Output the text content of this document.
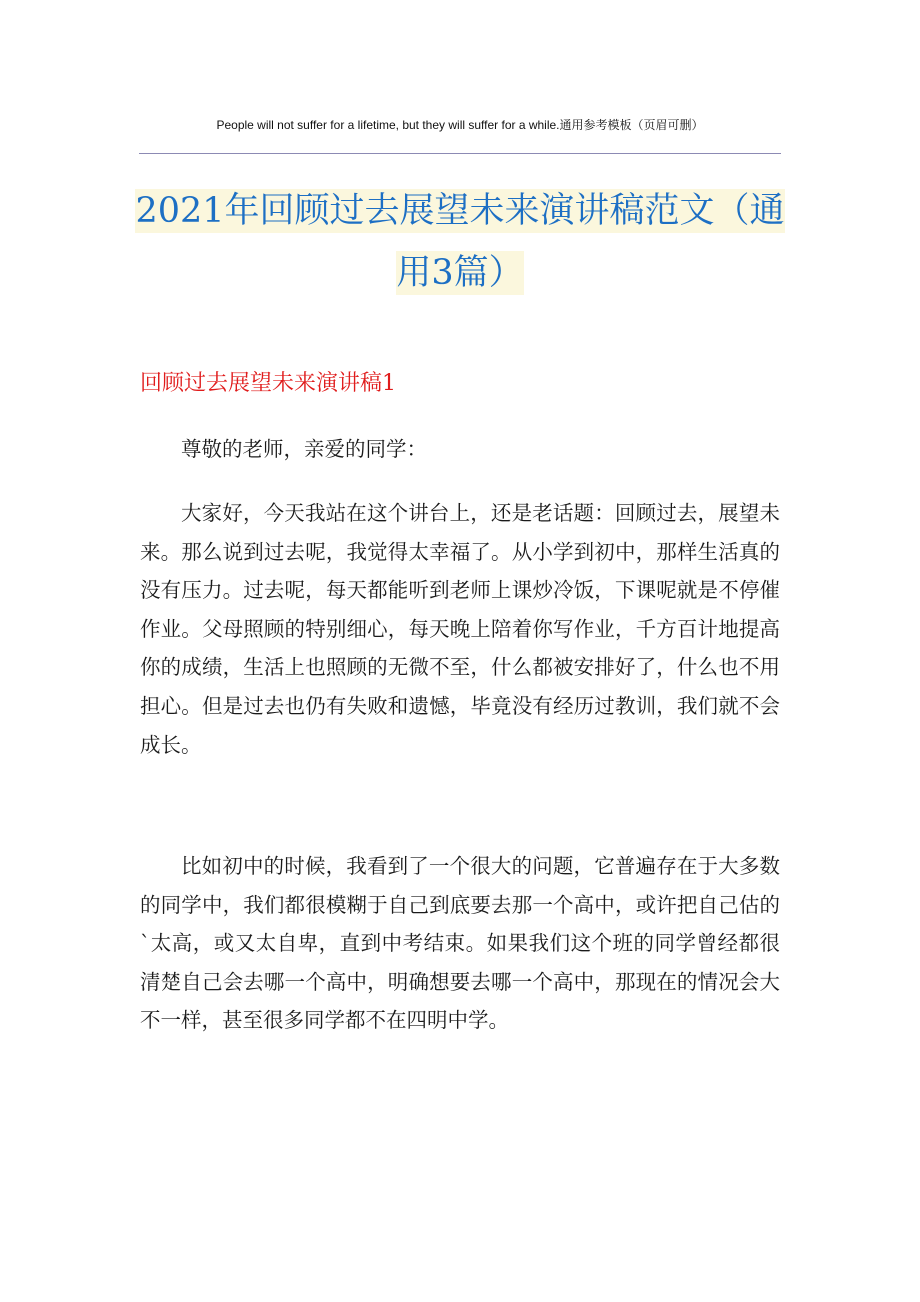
People will not suffer for a lifetime, but they will suffer for a while.通用参考模板（页眉可删）
2021年回顾过去展望未来演讲稿范文（通用3篇）
回顾过去展望未来演讲稿1

尊敬的老师，亲爱的同学：

大家好，今天我站在这个讲台上，还是老话题：回顾过去，展望未来。那么说到过去呢，我觉得太幸福了。从小学到初中，那样生活真的没有压力。过去呢，每天都能听到老师上课炒冷饭，下课呢就是不停催作业。父母照顾的特别细心，每天晚上陪着你写作业，千方百计地提高你的成绩，生活上也照顾的无微不至，什么都被安排好了，什么也不用担心。但是过去也仍有失败和遗憾，毕竟没有经历过教训，我们就不会成长。

比如初中的时候，我看到了一个很大的问题，它普遍存在于大多数的同学中，我们都很模糊于自己到底要去那一个高中，或许把自己估的`太高，或又太自卑，直到中考结束。如果我们这个班的同学曾经都很清楚自己会去哪一个高中，明确想要去哪一个高中，那现在的情况会大不一样，甚至很多同学都不在四明中学。
